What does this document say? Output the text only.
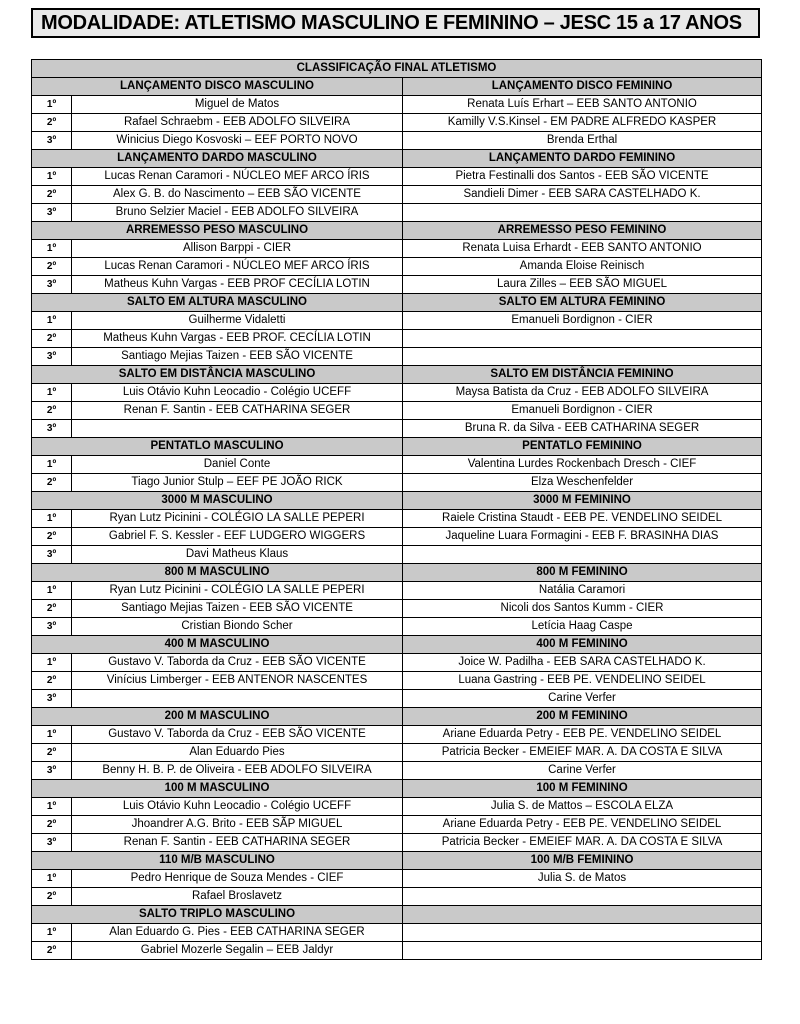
MODALIDADE: ATLETISMO MASCULINO E FEMININO – JESC 15 a 17 ANOS
CLASSIFICAÇÃO FINAL ATLETISMO		
LANÇAMENTO DISCO MASCULINO		LANÇAMENTO DISCO FEMININO
1º	Miguel de Matos	Renata Luís Erhart – EEB SANTO ANTONIO
2º	Rafael Schraebm - EEB ADOLFO SILVEIRA	Kamilly V.S.Kinsel - EM PADRE ALFREDO KASPER
3º	Winicius Diego Kosvoski – EEF PORTO NOVO	Brenda Erthal
LANÇAMENTO DARDO MASCULINO		LANÇAMENTO DARDO FEMININO
1º	Lucas Renan Caramori - NÚCLEO MEF ARCO ÍRIS	Pietra Festinalli dos Santos - EEB SÃO VICENTE
2º	Alex G. B. do Nascimento – EEB SÃO VICENTE	Sandieli Dimer - EEB SARA CASTELHADO K.
3º	Bruno Selzier Maciel - EEB ADOLFO SILVEIRA	
ARREMESSO PESO MASCULINO		ARREMESSO PESO FEMININO
1º	Allison Barppi - CIER	Renata Luisa Erhardt - EEB SANTO ANTONIO
2º	Lucas Renan Caramori - NÚCLEO MEF ARCO ÍRIS	Amanda Eloise Reinisch
3º	Matheus Kuhn Vargas - EEB PROF CECÍLIA LOTIN	Laura Zilles – EEB SÃO MIGUEL
SALTO EM ALTURA MASCULINO		SALTO EM ALTURA FEMININO
1º	Guilherme Vidaletti	Emanueli Bordignon - CIER
2º	Matheus Kuhn Vargas - EEB PROF. CECÍLIA LOTIN	
3º	Santiago Mejias Taizen - EEB SÃO VICENTE	
SALTO EM DISTÂNCIA MASCULINO		SALTO EM DISTÂNCIA FEMININO
1º	Luis Otávio Kuhn Leocadio - Colégio UCEFF	Maysa Batista da Cruz - EEB ADOLFO SILVEIRA
2º	Renan F. Santin - EEB CATHARINA SEGER	Emanueli Bordignon - CIER
3º		Bruna R. da Silva - EEB CATHARINA SEGER
PENTATLO MASCULINO		PENTATLO FEMININO
1º	Daniel Conte	Valentina Lurdes Rockenbach Dresch - CIEF
2º	Tiago Junior Stulp – EEF PE JOÃO RICK	Elza Weschenfelder
3000 M MASCULINO		3000 M FEMININO
1º	Ryan Lutz Picinini - COLÉGIO LA SALLE PEPERI	Raiele Cristina Staudt - EEB PE. VENDELINO SEIDEL
2º	Gabriel F. S. Kessler - EEF LUDGERO WIGGERS	Jaqueline Luara Formagini - EEB F. BRASINHA DIAS
3º	Davi Matheus Klaus	
800 M MASCULINO		800 M FEMININO
1º	Ryan Lutz Picinini - COLÉGIO LA SALLE PEPERI	Natália Caramori
2º	Santiago Mejias Taizen - EEB SÃO VICENTE	Nicoli dos Santos Kumm - CIER
3º	Cristian Biondo Scher	Letícia Haag Caspe
400 M MASCULINO		400 M FEMININO
1º	Gustavo V. Taborda da Cruz - EEB SÃO VICENTE	Joice W. Padilha - EEB SARA CASTELHADO K.
2º	Vinícius Limberger - EEB ANTENOR NASCENTES	Luana Gastring - EEB PE. VENDELINO SEIDEL
3º		Carine Verfer
200 M MASCULINO		200 M FEMININO
1º	Gustavo V. Taborda da Cruz - EEB SÃO VICENTE	Ariane Eduarda Petry - EEB PE. VENDELINO SEIDEL
2º	Alan Eduardo Pies	Patricia Becker - EMEIEF MAR. A. DA COSTA E SILVA
3º	Benny H. B. P. de Oliveira - EEB ADOLFO SILVEIRA	Carine Verfer
100 M MASCULINO		100 M FEMININO
1º	Luis Otávio Kuhn Leocadio - Colégio UCEFF	Julia S. de Mattos – ESCOLA ELZA
2º	Jhoandrer A.G. Brito - EEB SÃP MIGUEL	Ariane Eduarda Petry - EEB PE. VENDELINO SEIDEL
3º	Renan F. Santin - EEB CATHARINA SEGER	Patricia Becker - EMEIEF MAR. A. DA COSTA E SILVA
110 M/B MASCULINO		100 M/B FEMININO
1º	Pedro Henrique de Souza Mendes - CIEF	Julia S. de Matos
2º	Rafael Broslavetz	
SALTO TRIPLO MASCULINO		
1º	Alan Eduardo G. Pies - EEB CATHARINA SEGER	
2º	Gabriel Mozerle Segalin – EEB Jaldyr	
